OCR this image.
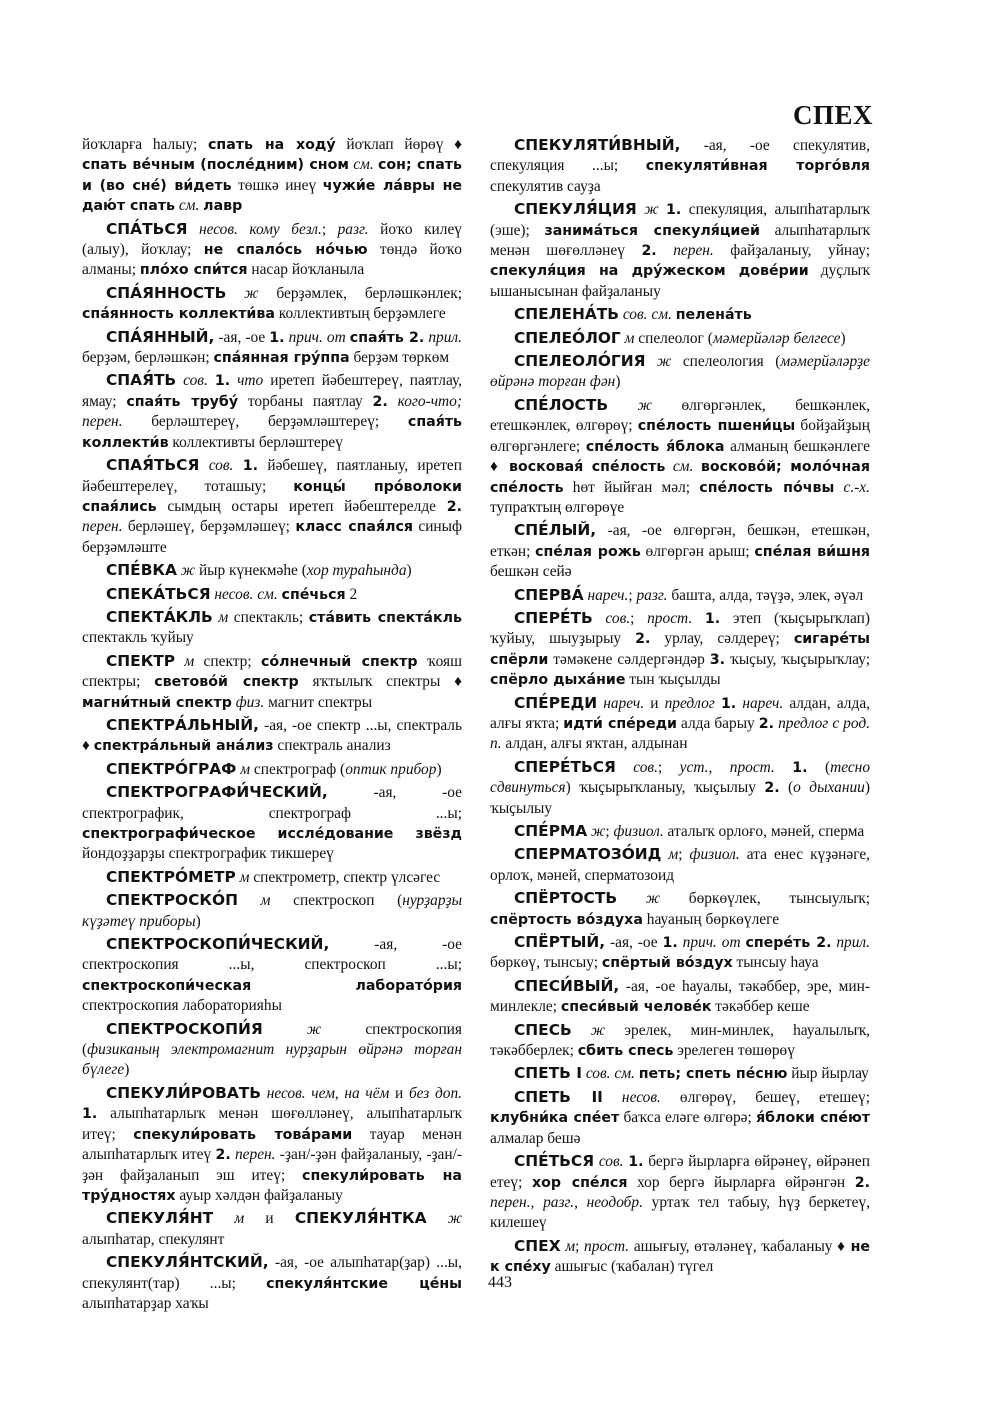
СПЕХ

йоҡларға һалыу; спать на ходу́ йоҡлап йөрөү ♦ спать ве́чным (после́дним) сном см. сон; спать и (во сне́) ви́деть төшкә инеү чужи́е ла́вры не даю́т спать см. лавр

СПА́ТЬСЯ несов. кому безл.; разг. йоҡо килеү (алыу), йоҡлау; не спало́сь но́чью төндә йоҡо алманы; пло́хо спи́тся насар йоҡланыла

СПА́ЯННОСТЬ ж берҙәмлек, берләшкәнлек; спа́янность коллекти́ва коллективтың берҙәмлеге

СПА́ЯННЫЙ, -ая, -ое 1. прич. от спая́ть 2. прил. берҙәм, берләшкән; спа́янная гру́ппа берҙәм төркөм

СПАЯ́ТЬ сов. 1. что иретеп йәбештереү, паятлау, ямау; спая́ть трубу́ торбаны паятлау 2. кого-что; перен. берләштереү, берҙәмләштереү; спая́ть коллекти́в коллективты берләштереү

СПАЯ́ТЬСЯ сов. 1. йәбешеү, паятланыу, иретеп йәбештерелеү, тоташыу; концы́ про́волоки спая́лись сымдың остары иретеп йәбештерелде 2. перен. берләшеү, берҙәмләшеү; класс спая́лся синыф берҙәмләште

СПЕ́ВКА ж йыр күнекмәһе (хор тураһында)

СПЕКА́ТЬСЯ несов. см. спе́чься 2

СПЕКТА́КЛЬ м спектакль; ста́вить спекта́кль спектакль ҡуйыу

СПЕКТР м спектр; со́лнечный спектр ҡояш спектры; светово́й спектр яҡтылыҡ спектры ♦ магни́тный спектр физ. магнит спектры

СПЕКТРА́ЛЬНЫЙ, -ая, -ое спектр ...ы, спектраль ♦ спектра́льный ана́лиз спектраль анализ

СПЕКТРО́ГРАФ м спектрограф (оптик прибор)

СПЕКТРОГРАФИ́ЧЕСКИЙ, -ая, -ое спектрографик, спектрограф ...ы; спектрографи́ческое иссле́дование звёзд йондоҙҙарҙы спектрографик тикшереү

СПЕКТРО́МЕТР м спектрометр, спектр үлсәгес

СПЕКТРОСКО́П м спектроскоп (нурҙарҙы күҙәтеү приборы)

СПЕКТРОСКОПИ́ЧЕСКИЙ, -ая, -ое спектроскопия ...ы, спектроскоп ...ы; спектроскопи́ческая лаборато́рия спектроскопия лабораторияһы

СПЕКТРОСКОПИ́Я ж спектроскопия (физиканың электромагнит нурҙарын өйрәнә торған бүлеге)

СПЕКУЛИ́РОВАТЬ несов. чем, на чём и без доп. 1. алыпһатарлыҡ менән шөғөлләнеү, алыпһатарлыҡ итеү; спекули́ровать това́рами тауар менән алыпһатарлыҡ итеү 2. перен. -ҙан/-ҙән файҙаланыу, -ҙан/-ҙән файҙаланып эш итеү; спекули́ровать на тру́дностях ауыр хәлдән файҙаланыу

СПЕКУЛЯ́НТ м и СПЕКУЛЯ́НТКА ж алыпһатар, спекулянт

СПЕКУЛЯ́НТСКИЙ, -ая, -ое алыпһатар(ҙар) ...ы, спекулянт(тар) ...ы; спекуля́нтские це́ны алыпһатарҙар хаҡы

СПЕКУЛЯТИ́ВНЫЙ, -ая, -ое спекулятив, спекуляция ...ы; спекуляти́вная торго́вля спекулятив сауҙа

СПЕКУЛЯ́ЦИЯ ж 1. спекуляция, алыпһатарлыҡ (эше); занима́ться спекуля́цией алыпһатарлыҡ менән шөғөлләнеү 2. перен. файҙаланыу, уйнау; спекуля́ция на дру́жеском дове́рии дуҫлыҡ ышанысынан файҙаланыу

СПЕЛЕНА́ТЬ сов. см. пелена́ть

СПЕЛЕО́ЛОГ м спелеолог (мәмерйәләр белгесе)

СПЕЛЕОЛО́ГИЯ ж спелеология (мәмерйәләрҙе өйрәнә торған фән)

СПЕ́ЛОСТЬ ж өлгөргәнлек, бешкәнлек, етешкәнлек, өлгөрөү; спе́лость пшени́цы бойҙайҙың өлгөргәнлеге; спе́лость я́блока алманың бешкәнлеге ♦ восковая́ спе́лость см. восково́й; моло́чная спе́лость һөт йыйған мәл; спе́лость по́чвы с.-х. тупраҡтың өлгөрөүе

СПЕ́ЛЫЙ, -ая, -ое өлгөргән, бешкән, етешкән, еткән; спе́лая рожь өлгөргән арыш; спе́лая ви́шня бешкән сейә

СПЕРВА́ нареч.; разг. башта, алда, тәүҙә, элек, әүәл

СПЕРЕ́ТЬ сов.; прост. 1. этеп (ҡыҫырыҡлап) ҡуйыу, шыуҙырыу 2. урлау, сәлдереү; сигаре́ты спёрли тәмәкене сәлдергәндәр 3. ҡыҫыу, ҡыҫырыҡлау; спёрло дыха́ние тын ҡыҫылды

СПЕ́РЕДИ нареч. и предлог 1. нареч. алдан, алда, алғы яҡта; идти́ спе́реди алда барыу 2. предлог с род. п. алдан, алғы яҡтан, алдынан

СПЕРЕ́ТЬСЯ сов.; уст., прост. 1. (тесно сдвинуться) ҡыҫырыҡланыу, ҡыҫылыу 2. (о дыхании) ҡыҫылыу

СПЕ́РМА ж; физиол. аталыҡ орлоғо, мәней, сперма

СПЕРМАТОЗО́ИД м; физиол. ата енес күҙәнәге, орлоҡ, мәней, сперматозоид

СПЁРТОСТЬ ж бөркөүлек, тынсыулыҡ; спёртость во́здуха һауаның бөркөүлеге

СПЁРТЫЙ, -ая, -ое 1. прич. от спере́ть 2. прил. бөркөү, тынсыу; спёртый во́здух тынсыу һауа

СПЕСИ́ВЫЙ, -ая, -ое һауалы, тәкәббер, эре, мин-минлекле; спеси́вый челове́к тәкәббер кеше

СПЕСЬ ж эрелек, мин-минлек, һауалылыҡ, тәкәбберлек; сбить спесь эрелеген төшөрөү

СПЕТЬ I сов. см. петь; спеть пе́сню йыр йырлау

СПЕТЬ II несов. өлгөрөү, бешеү, етешеү; клубни́ка спе́ет баҡса еләге өлгөрә; я́блоки спе́ют алмалар бешә

СПЕ́ТЬСЯ сов. 1. бергә йырларға өйрәнеү, өйрәнеп етеү; хор спе́лся хор бергә йырларға өйрәнгән 2. перен., разг., неодобр. уртаҡ тел табыу, һүҙ беркетеү, килешеү

СПЕХ м; прост. ашығыу, өтәләнеү, ҡабаланыу ♦ не к спе́ху ашығыс (ҡабалан) түгел

443
